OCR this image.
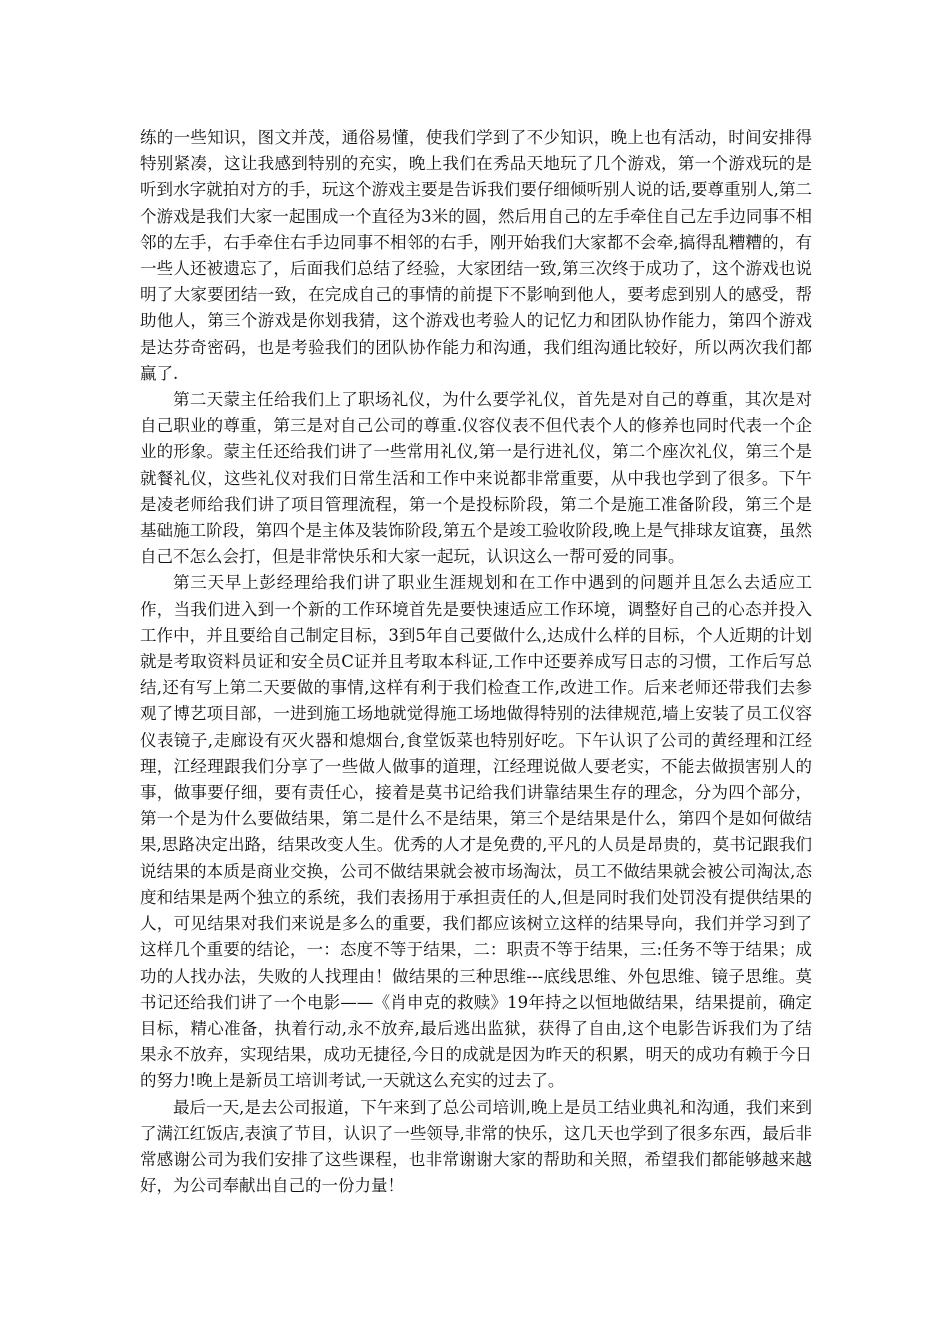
练的一些知识，图文并茂，通俗易懂，使我们学到了不少知识，晚上也有活动，时间安排得特别紧凑，这让我感到特别的充实，晚上我们在秀品天地玩了几个游戏，第一个游戏玩的是听到水字就拍对方的手，玩这个游戏主要是告诉我们要仔细倾听别人说的话,要尊重别人,第二个游戏是我们大家一起围成一个直径为3米的圆，然后用自己的左手牵住自己左手边同事不相邻的左手，右手牵住右手边同事不相邻的右手，刚开始我们大家都不会牵,搞得乱糟糟的，有一些人还被遗忘了，后面我们总结了经验，大家团结一致,第三次终于成功了，这个游戏也说明了大家要团结一致，在完成自己的事情的前提下不影响到他人，要考虑到别人的感受，帮助他人，第三个游戏是你划我猜，这个游戏也考验人的记忆力和团队协作能力，第四个游戏是达芬奇密码，也是考验我们的团队协作能力和沟通，我们组沟通比较好，所以两次我们都赢了.

第二天蒙主任给我们上了职场礼仪，为什么要学礼仪，首先是对自己的尊重，其次是对自己职业的尊重，第三是对自己公司的尊重.仪容仪表不但代表个人的修养也同时代表一个企业的形象。蒙主任还给我们讲了一些常用礼仪,第一是行进礼仪，第二个座次礼仪，第三个是就餐礼仪，这些礼仪对我们日常生活和工作中来说都非常重要，从中我也学到了很多。下午是凌老师给我们讲了项目管理流程，第一个是投标阶段，第二个是施工准备阶段，第三个是基础施工阶段，第四个是主体及装饰阶段,第五个是竣工验收阶段,晚上是气排球友谊赛，虽然自己不怎么会打，但是非常快乐和大家一起玩，认识这么一帮可爱的同事。

第三天早上彭经理给我们讲了职业生涯规划和在工作中遇到的问题并且怎么去适应工作，当我们进入到一个新的工作环境首先是要快速适应工作环境，调整好自己的心态并投入工作中，并且要给自己制定目标，3到5年自己要做什么,达成什么样的目标，个人近期的计划就是考取资料员证和安全员C证并且考取本科证,工作中还要养成写日志的习惯，工作后写总结,还有写上第二天要做的事情,这样有利于我们检查工作,改进工作。后来老师还带我们去参观了博艺项目部，一进到施工场地就觉得施工场地做得特别的法律规范,墙上安装了员工仪容仪表镜子,走廊设有灭火器和熄烟台,食堂饭菜也特别好吃。下午认识了公司的黄经理和江经理，江经理跟我们分享了一些做人做事的道理，江经理说做人要老实，不能去做损害别人的事，做事要仔细，要有责任心，接着是莫书记给我们讲靠结果生存的理念，分为四个部分，第一个是为什么要做结果，第二是什么不是结果，第三个是结果是什么，第四个是如何做结果,思路决定出路，结果改变人生。优秀的人才是免费的,平凡的人员是昂贵的，莫书记跟我们说结果的本质是商业交换，公司不做结果就会被市场淘汰，员工不做结果就会被公司淘汰,态度和结果是两个独立的系统，我们表扬用于承担责任的人,但是同时我们处罚没有提供结果的人，可见结果对我们来说是多么的重要，我们都应该树立这样的结果导向，我们并学习到了这样几个重要的结论，一：态度不等于结果，二：职责不等于结果，三:任务不等于结果；成功的人找办法，失败的人找理由！做结果的三种思维---底线思维、外包思维、镜子思维。莫书记还给我们讲了一个电影——《肖申克的救赎》19年持之以恒地做结果，结果提前，确定目标，精心准备，执着行动,永不放弃,最后逃出监狱，获得了自由,这个电影告诉我们为了结果永不放弃，实现结果，成功无捷径,今日的成就是因为昨天的积累，明天的成功有赖于今日的努力!晚上是新员工培训考试,一天就这么充实的过去了。

最后一天,是去公司报道，下午来到了总公司培训,晚上是员工结业典礼和沟通，我们来到了满江红饭店,表演了节目，认识了一些领导,非常的快乐，这几天也学到了很多东西，最后非常感谢公司为我们安排了这些课程，也非常谢谢大家的帮助和关照，希望我们都能够越来越好，为公司奉献出自己的一份力量！
